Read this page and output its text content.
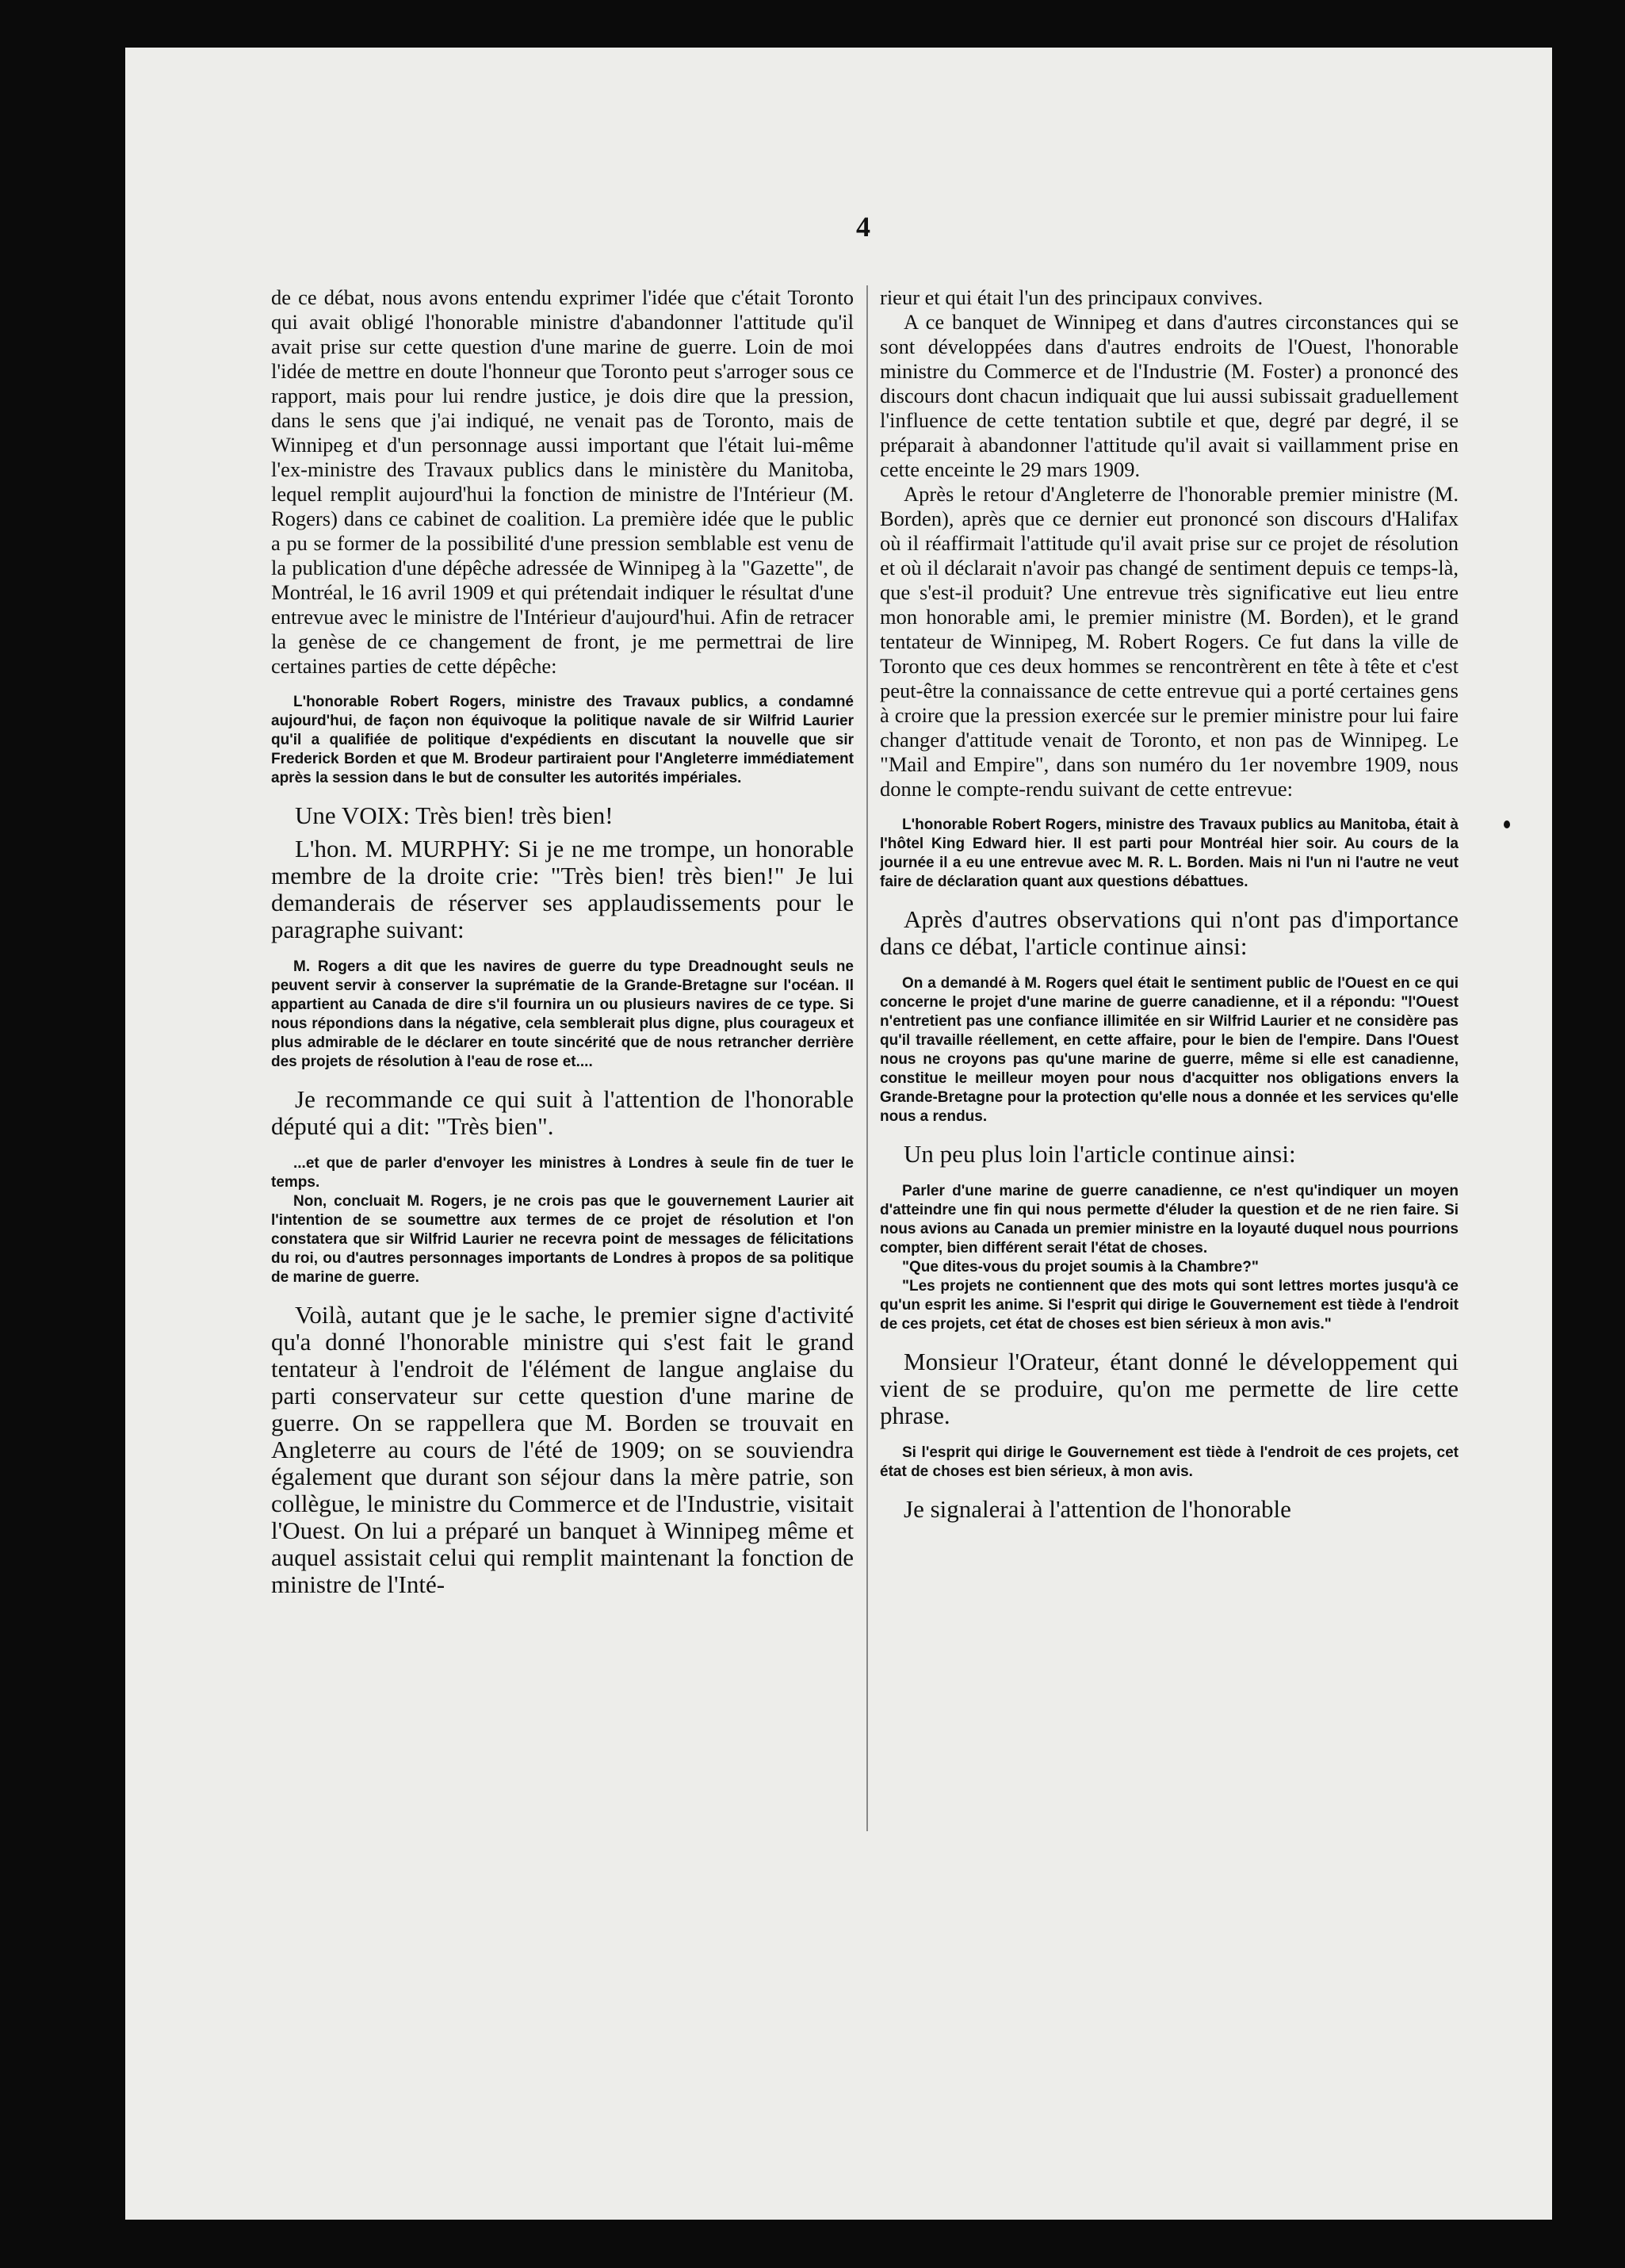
4

de ce débat, nous avons entendu exprimer l'idée que c'était Toronto qui avait obligé l'honorable ministre d'abandonner l'attitude qu'il avait prise sur cette question d'une marine de guerre. Loin de moi l'idée de mettre en doute l'honneur que Toronto peut s'arroger sous ce rapport, mais pour lui rendre justice, je dois dire que la pression, dans le sens que j'ai indiqué, ne venait pas de Toronto, mais de Winnipeg et d'un personnage aussi important que l'était lui-même l'ex-ministre des Travaux publics dans le ministère du Manitoba, lequel remplit aujourd'hui la fonction de ministre de l'Intérieur (M. Rogers) dans ce cabinet de coalition. La première idée que le public a pu se former de la possibilité d'une pression semblable est venu de la publication d'une dépêche adressée de Winnipeg à la "Gazette", de Montréal, le 16 avril 1909 et qui prétendait indiquer le résultat d'une entrevue avec le ministre de l'Intérieur d'aujourd'hui. Afin de retracer la genèse de ce changement de front, je me permettrai de lire certaines parties de cette dépêche:

L'honorable Robert Rogers, ministre des Travaux publics, a condamné aujourd'hui, de façon non équivoque la politique navale de sir Wilfrid Laurier qu'il a qualifiée de politique d'expédients en discutant la nouvelle que sir Frederick Borden et que M. Brodeur partiraient pour l'Angleterre immédiatement après la session dans le but de consulter les autorités impériales.

Une VOIX: Très bien! très bien!

L'hon. M. MURPHY: Si je ne me trompe, un honorable membre de la droite crie: "Très bien! très bien!" Je lui demanderais de réserver ses applaudissements pour le paragraphe suivant:

M. Rogers a dit que les navires de guerre du type Dreadnought seuls ne peuvent servir à conserver la suprématie de la Grande-Bretagne sur l'océan. Il appartient au Canada de dire s'il fournira un ou plusieurs navires de ce type. Si nous répondions dans la négative, cela semblerait plus digne, plus courageux et plus admirable de le déclarer en toute sincérité que de nous retrancher derrière des projets de résolution à l'eau de rose et....

Je recommande ce qui suit à l'attention de l'honorable député qui a dit: "Très bien".

...et que de parler d'envoyer les ministres à Londres à seule fin de tuer le temps.

Non, concluait M. Rogers, je ne crois pas que le gouvernement Laurier ait l'intention de se soumettre aux termes de ce projet de résolution et l'on constatera que sir Wilfrid Laurier ne recevra point de messages de félicitations du roi, ou d'autres personnages importants de Londres à propos de sa politique de marine de guerre.

Voilà, autant que je le sache, le premier signe d'activité qu'a donné l'honorable ministre qui s'est fait le grand tentateur à l'endroit de l'élément de langue anglaise du parti conservateur sur cette question d'une marine de guerre. On se rappellera que M. Borden se trouvait en Angleterre au cours de l'été de 1909; on se souviendra également que durant son séjour dans la mère patrie, son collègue, le ministre du Commerce et de l'Industrie, visitait l'Ouest. On lui a préparé un banquet à Winnipeg même et auquel assistait celui qui remplit maintenant la fonction de ministre de l'Inté-

rieur et qui était l'un des principaux convives.

A ce banquet de Winnipeg et dans d'autres circonstances qui se sont développées dans d'autres endroits de l'Ouest, l'honorable ministre du Commerce et de l'Industrie (M. Foster) a prononcé des discours dont chacun indiquait que lui aussi subissait graduellement l'influence de cette tentation subtile et que, degré par degré, il se préparait à abandonner l'attitude qu'il avait si vaillamment prise en cette enceinte le 29 mars 1909.

Après le retour d'Angleterre de l'honorable premier ministre (M. Borden), après que ce dernier eut prononcé son discours d'Halifax où il réaffirmait l'attitude qu'il avait prise sur ce projet de résolution et où il déclarait n'avoir pas changé de sentiment depuis ce temps-là, que s'est-il produit? Une entrevue très significative eut lieu entre mon honorable ami, le premier ministre (M. Borden), et le grand tentateur de Winnipeg, M. Robert Rogers. Ce fut dans la ville de Toronto que ces deux hommes se rencontrèrent en tête à tête et c'est peut-être la connaissance de cette entrevue qui a porté certaines gens à croire que la pression exercée sur le premier ministre pour lui faire changer d'attitude venait de Toronto, et non pas de Winnipeg. Le "Mail and Empire", dans son numéro du 1er novembre 1909, nous donne le compte-rendu suivant de cette entrevue:

L'honorable Robert Rogers, ministre des Travaux publics au Manitoba, était à l'hôtel King Edward hier. Il est parti pour Montréal hier soir. Au cours de la journée il a eu une entrevue avec M. R. L. Borden. Mais ni l'un ni l'autre ne veut faire de déclaration quant aux questions débattues.

Après d'autres observations qui n'ont pas d'importance dans ce débat, l'article continue ainsi:

On a demandé à M. Rogers quel était le sentiment public de l'Ouest en ce qui concerne le projet d'une marine de guerre canadienne, et il a répondu: "l'Ouest n'entretient pas une confiance illimitée en sir Wilfrid Laurier et ne considère pas qu'il travaille réellement, en cette affaire, pour le bien de l'empire. Dans l'Ouest nous ne croyons pas qu'une marine de guerre, même si elle est canadienne, constitue le meilleur moyen pour nous d'acquitter nos obligations envers la Grande-Bretagne pour la protection qu'elle nous a donnée et les services qu'elle nous a rendus.

Un peu plus loin l'article continue ainsi:

Parler d'une marine de guerre canadienne, ce n'est qu'indiquer un moyen d'atteindre une fin qui nous permette d'éluder la question et de ne rien faire. Si nous avions au Canada un premier ministre en la loyauté duquel nous pourrions compter, bien différent serait l'état de choses.

"Que dites-vous du projet soumis à la Chambre?"

"Les projets ne contiennent que des mots qui sont lettres mortes jusqu'à ce qu'un esprit les anime. Si l'esprit qui dirige le Gouvernement est tiède à l'endroit de ces projets, cet état de choses est bien sérieux à mon avis."

Monsieur l'Orateur, étant donné le développement qui vient de se produire, qu'on me permette de lire cette phrase.

Si l'esprit qui dirige le Gouvernement est tiède à l'endroit de ces projets, cet état de choses est bien sérieux, à mon avis.

Je signalerai à l'attention de l'honorable
